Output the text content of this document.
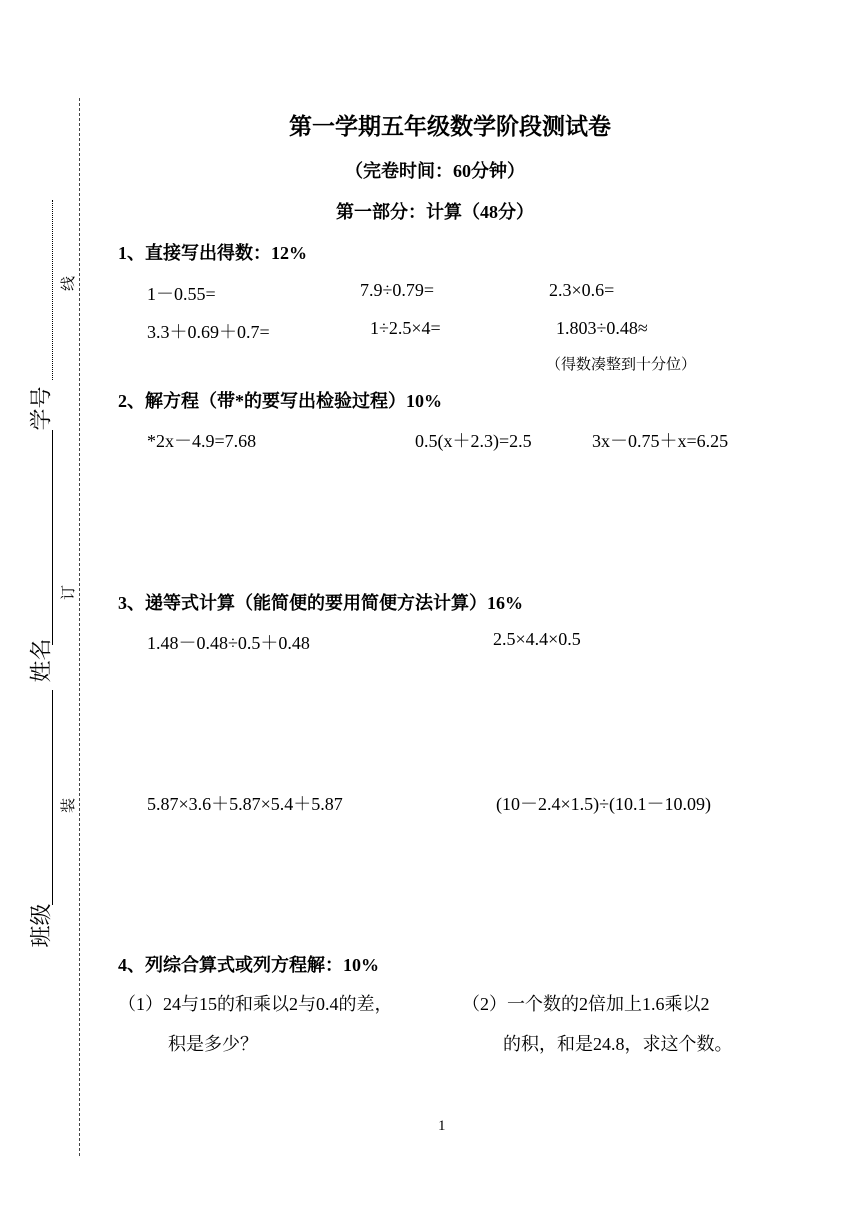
班级
姓名
学号
装
订
线
第一学期五年级数学阶段测试卷
（完卷时间：60分钟）
第一部分：计算（48分）
1、直接写出得数：12%
1－0.55=	7.9÷0.79=	2.3×0.6=
3.3＋0.69＋0.7=	1÷2.5×4=	1.803÷0.48≈
（得数凑整到十分位）
2、解方程（带*的要写出检验过程）10%
*2x－4.9=7.68	0.5(x＋2.3)=2.5	3x－0.75＋x=6.25
3、递等式计算（能简便的要用简便方法计算）16%
1.48－0.48÷0.5＋0.48	2.5×4.4×0.5
5.87×3.6＋5.87×5.4＋5.87	(10－2.4×1.5)÷(10.1－10.09)
4、列综合算式或列方程解：10%
（1）24与15的和乘以2与0.4的差，
积是多少？
（2）一个数的2倍加上1.6乘以2
的积，和是24.8，求这个数。
1
